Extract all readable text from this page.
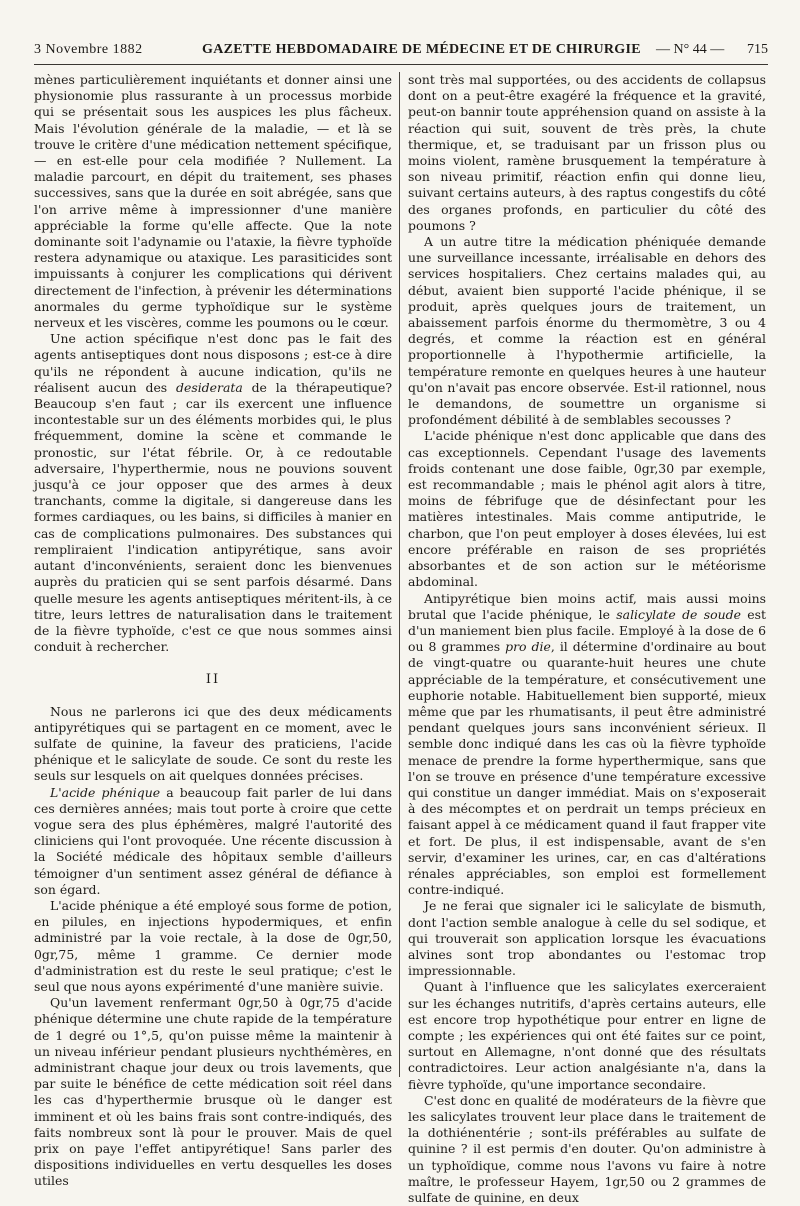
3 Novembre 1882	GAZETTE HEBDOMADAIRE DE MÉDECINE ET DE CHIRURGIE — N° 44 — 715

mènes particulièrement inquiétants et donner ainsi une physionomie plus rassurante à un processus morbide qui se présentait sous les auspices les plus fâcheux. Mais l'évolution générale de la maladie, — et là se trouve le critère d'une médication nettement spécifique, — en est-elle pour cela modifiée ? Nullement. La maladie parcourt, en dépit du traitement, ses phases successives, sans que la durée en soit abrégée, sans que l'on arrive même à impressionner d'une manière appréciable la forme qu'elle affecte. Que la note dominante soit l'adynamie ou l'ataxie, la fièvre typhoïde restera adynamique ou ataxique. Les parasiticides sont impuissants à conjurer les complications qui dérivent directement de l'infection, à prévenir les déterminations anormales du germe typhoïdique sur le système nerveux et les viscères, comme les poumons ou le cœur.

Une action spécifique n'est donc pas le fait des agents antiseptiques dont nous disposons ; est-ce à dire qu'ils ne répondent à aucune indication, qu'ils ne réalisent aucun des desiderata de la thérapeutique? Beaucoup s'en faut ; car ils exercent une influence incontestable sur un des éléments morbides qui, le plus fréquemment, domine la scène et commande le pronostic, sur l'état fébrile. Or, à ce redoutable adversaire, l'hyperthermie, nous ne pouvions souvent jusqu'à ce jour opposer que des armes à deux tranchants, comme la digitale, si dangereuse dans les formes cardiaques, ou les bains, si difficiles à manier en cas de complications pulmonaires. Des substances qui rempliraient l'indication antipyrétique, sans avoir autant d'inconvénients, seraient donc les bienvenues auprès du praticien qui se sent parfois désarmé. Dans quelle mesure les agents antiseptiques méritent-ils, à ce titre, leurs lettres de naturalisation dans le traitement de la fièvre typhoïde, c'est ce que nous sommes ainsi conduit à rechercher.

II

Nous ne parlerons ici que des deux médicaments antipyrétiques qui se partagent en ce moment, avec le sulfate de quinine, la faveur des praticiens, l'acide phénique et le salicylate de soude. Ce sont du reste les seuls sur lesquels on ait quelques données précises.

L'acide phénique a beaucoup fait parler de lui dans ces dernières années; mais tout porte à croire que cette vogue sera des plus éphémères, malgré l'autorité des cliniciens qui l'ont provoquée. Une récente discussion à la Société médicale des hôpitaux semble d'ailleurs témoigner d'un sentiment assez général de défiance à son égard.

L'acide phénique a été employé sous forme de potion, en pilules, en injections hypodermiques, et enfin administré par la voie rectale, à la dose de 0gr,50, 0gr,75, même 1 gramme. Ce dernier mode d'administration est du reste le seul pratique; c'est le seul que nous ayons expérimenté d'une manière suivie.

Qu'un lavement renfermant 0gr,50 à 0gr,75 d'acide phénique détermine une chute rapide de la température de 1 degré ou 1°,5, qu'on puisse même la maintenir à un niveau inférieur pendant plusieurs nychthémères, en administrant chaque jour deux ou trois lavements, que par suite le bénéfice de cette médication soit réel dans les cas d'hyperthermie brusque où le danger est imminent et où les bains frais sont contre-indiqués, des faits nombreux sont là pour le prouver. Mais de quel prix on paye l'effet antipyrétique! Sans parler des dispositions individuelles en vertu desquelles les doses utiles

sont très mal supportées, ou des accidents de collapsus dont on a peut-être exagéré la fréquence et la gravité, peut-on bannir toute appréhension quand on assiste à la réaction qui suit, souvent de très près, la chute thermique, et, se traduisant par un frisson plus ou moins violent, ramène brusquement la température à son niveau primitif, réaction enfin qui donne lieu, suivant certains auteurs, à des raptus congestifs du côté des organes profonds, en particulier du côté des poumons ?

A un autre titre la médication phéniquée demande une surveillance incessante, irréalisable en dehors des services hospitaliers. Chez certains malades qui, au début, avaient bien supporté l'acide phénique, il se produit, après quelques jours de traitement, un abaissement parfois énorme du thermomètre, 3 ou 4 degrés, et comme la réaction est en général proportionnelle à l'hypothermie artificielle, la température remonte en quelques heures à une hauteur qu'on n'avait pas encore observée. Est-il rationnel, nous le demandons, de soumettre un organisme si profondément débilité à de semblables secousses ?

L'acide phénique n'est donc applicable que dans des cas exceptionnels. Cependant l'usage des lavements froids contenant une dose faible, 0gr,30 par exemple, est recommandable ; mais le phénol agit alors à titre, moins de fébrifuge que de désinfectant pour les matières intestinales. Mais comme antiputride, le charbon, que l'on peut employer à doses élevées, lui est encore préférable en raison de ses propriétés absorbantes et de son action sur le météorisme abdominal.

Antipyrétique bien moins actif, mais aussi moins brutal que l'acide phénique, le salicylate de soude est d'un maniement bien plus facile. Employé à la dose de 6 ou 8 grammes pro die, il détermine d'ordinaire au bout de vingt-quatre ou quarante-huit heures une chute appréciable de la température, et consécutivement une euphorie notable. Habituellement bien supporté, mieux même que par les rhumatisants, il peut être administré pendant quelques jours sans inconvénient sérieux. Il semble donc indiqué dans les cas où la fièvre typhoïde menace de prendre la forme hyperthermique, sans que l'on se trouve en présence d'une température excessive qui constitue un danger immédiat. Mais on s'exposerait à des mécomptes et on perdrait un temps précieux en faisant appel à ce médicament quand il faut frapper vite et fort. De plus, il est indispensable, avant de s'en servir, d'examiner les urines, car, en cas d'altérations rénales appréciables, son emploi est formellement contre-indiqué.

Je ne ferai que signaler ici le salicylate de bismuth, dont l'action semble analogue à celle du sel sodique, et qui trouverait son application lorsque les évacuations alvines sont trop abondantes ou l'estomac trop impressionnable.

Quant à l'influence que les salicylates exerceraient sur les échanges nutritifs, d'après certains auteurs, elle est encore trop hypothétique pour entrer en ligne de compte ; les expériences qui ont été faites sur ce point, surtout en Allemagne, n'ont donné que des résultats contradictoires. Leur action analgésiante n'a, dans la fièvre typhoïde, qu'une importance secondaire.

C'est donc en qualité de modérateurs de la fièvre que les salicylates trouvent leur place dans le traitement de la dothiénentérie ; sont-ils préférables au sulfate de quinine ? il est permis d'en douter. Qu'on administre à un typhoïdique, comme nous l'avons vu faire à notre maître, le professeur Hayem, 1gr,50 ou 2 grammes de sulfate de quinine, en deux
